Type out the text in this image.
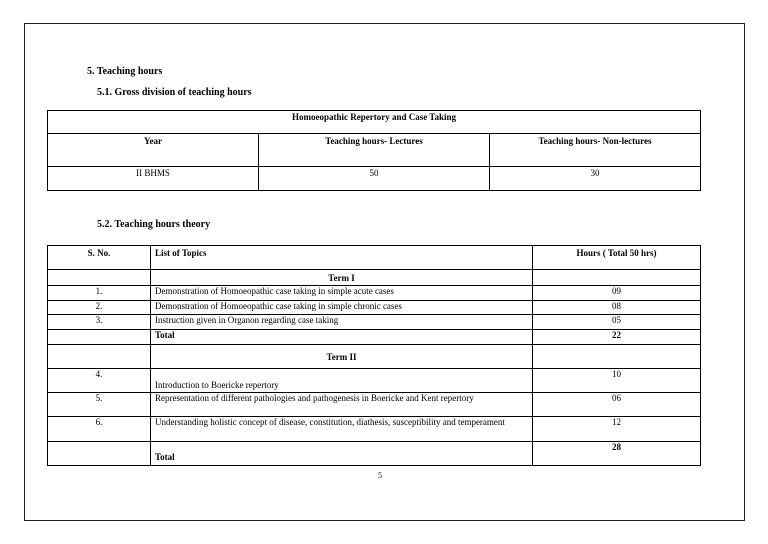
5. Teaching hours
5.1. Gross division of teaching hours
Homoeopathic Repertory and Case Taking		
Year	Teaching hours- Lectures	Teaching hours- Non-lectures
II BHMS	50	30
5.2. Teaching hours theory
S. No.	List of Topics	Hours ( Total 50 hrs)
	Term I	
1.	Demonstration of Homoeopathic case taking in simple acute cases	09
2.	Demonstration of Homoeopathic case taking in simple chronic cases	08
3.	Instruction given in Organon regarding case taking	05
	Total	22
	Term II	
4.	Introduction to Boericke repertory	10
5.	Representation of different pathologies and pathogenesis in Boericke and Kent repertory	06
6.	Understanding holistic concept of disease, constitution, diathesis, susceptibility and temperament	12
	Total	28
5
